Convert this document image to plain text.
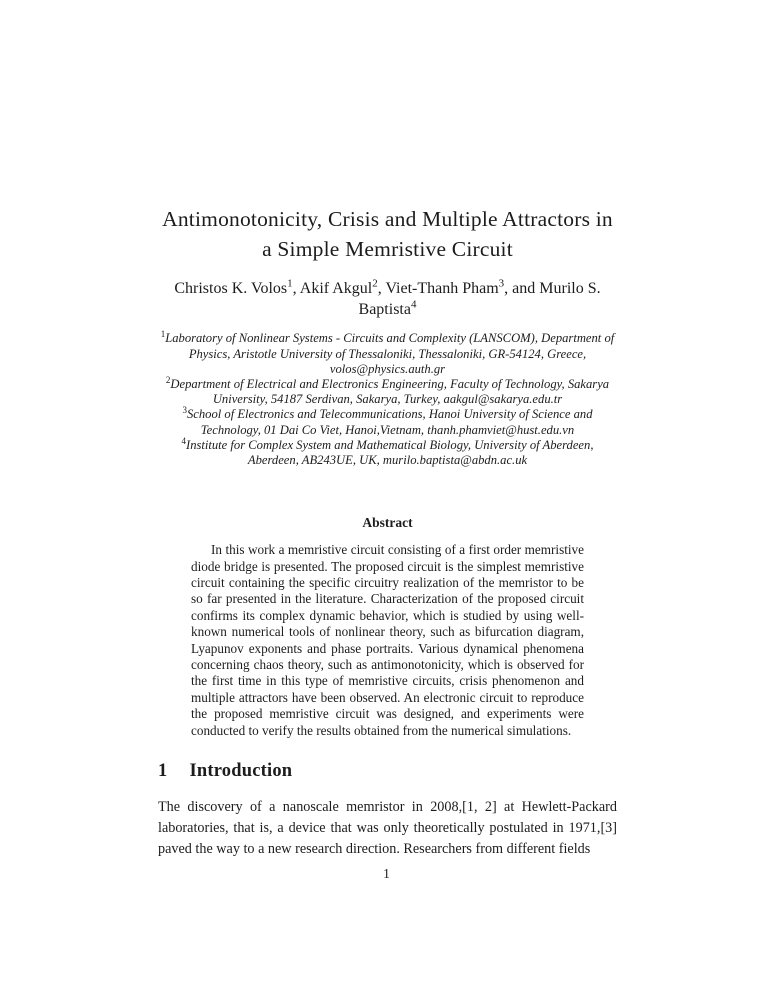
Antimonotonicity, Crisis and Multiple Attractors in
a Simple Memristive Circuit
Christos K. Volos$^1$, Akif Akgul$^2$, Viet-Thanh Pham$^3$, and Murilo S. Baptista$^4$
$^1$Laboratory of Nonlinear Systems - Circuits and Complexity (LANSCOM), Department of Physics, Aristotle University of Thessaloniki, Thessaloniki, GR-54124, Greece, volos@physics.auth.gr
$^2$Department of Electrical and Electronics Engineering, Faculty of Technology, Sakarya University, 54187 Serdivan, Sakarya, Turkey, aakgul@sakarya.edu.tr
$^3$School of Electronics and Telecommunications, Hanoi University of Science and Technology, 01 Dai Co Viet, Hanoi,Vietnam, thanh.phamviet@hust.edu.vn
$^4$Institute for Complex System and Mathematical Biology, University of Aberdeen, Aberdeen, AB243UE, UK, murilo.baptista@abdn.ac.uk
Abstract

In this work a memristive circuit consisting of a first order memristive diode bridge is presented. The proposed circuit is the simplest memristive circuit containing the specific circuitry realization of the memristor to be so far presented in the literature. Characterization of the proposed circuit confirms its complex dynamic behavior, which is studied by using well-known numerical tools of nonlinear theory, such as bifurcation diagram, Lyapunov exponents and phase portraits. Various dynamical phenomena concerning chaos theory, such as antimonotonicity, which is observed for the first time in this type of memristive circuits, crisis phenomenon and multiple attractors have been observed. An electronic circuit to reproduce the proposed memristive circuit was designed, and experiments were conducted to verify the results obtained from the numerical simulations.

1 Introduction

The discovery of a nanoscale memristor in 2008,[1, 2] at Hewlett-Packard laboratories, that is, a device that was only theoretically postulated in 1971,[3] paved the way to a new research direction. Researchers from different fields

1
